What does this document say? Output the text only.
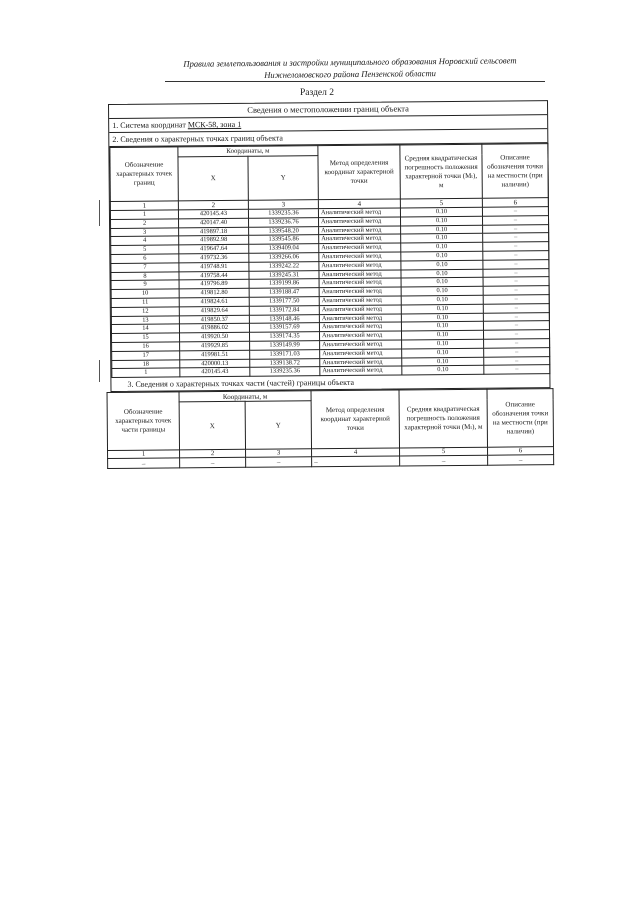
Правила землепользования и застройки муниципального образования Норовский сельсовет
Нижнеломовского района Пензенской области
Раздел 2
Сведения о местоположении границ объекта
1. Система координат МСК-58, зона 1
2. Сведения о характерных точках границ объекта
Обозначение характерных точек границ	Координаты, м		Метод определения координат характерной точки	Средняя квадратическая погрешность положения характерной точки (Mₜ), м	Описание обозначения точки на местности (при наличии)
	X	Y			
1	2	3	4	5	6
1	420145.43	1339235.36	Аналитический метод	0.10	–
2	420147.40	1339236.76	Аналитический метод	0.10	–
3	419897.18	1339548.20	Аналитический метод	0.10	–
4	419892.98	1339545.86	Аналитический метод	0.10	–
5	419647.64	1339409.04	Аналитический метод	0.10	–
6	419732.36	1339266.06	Аналитический метод	0.10	–
7	419748.91	1339242.22	Аналитический метод	0.10	–
8	419758.44	1339245.31	Аналитический метод	0.10	–
9	419796.89	1339199.86	Аналитический метод	0.10	–
10	419812.80	1339188.47	Аналитический метод	0.10	–
11	419824.61	1339177.50	Аналитический метод	0.10	–
12	419829.64	1339172.84	Аналитический метод	0.10	–
13	419850.37	1339148.46	Аналитический метод	0.10	–
14	419886.02	1339157.69	Аналитический метод	0.10	–
15	419920.50	1339174.35	Аналитический метод	0.10	–
16	419929.85	1339149.99	Аналитический метод	0.10	–
17	419981.51	1339171.03	Аналитический метод	0.10	–
18	420000.13	1339138.72	Аналитический метод	0.10	–
1	420145.43	1339235.36	Аналитический метод	0.10	–
3. Сведения о характерных точках части (частей) границы объекта
Обозначение характерных точек части границы	Координаты, м		Метод определения координат характерной точки	Средняя квадратическая погрешность положения характерной точки (Mₜ), м	Описание обозначения точки на местности (при наличии)
	X	Y			
1	2	3	4	5	6
–	–	–	–	–	–
